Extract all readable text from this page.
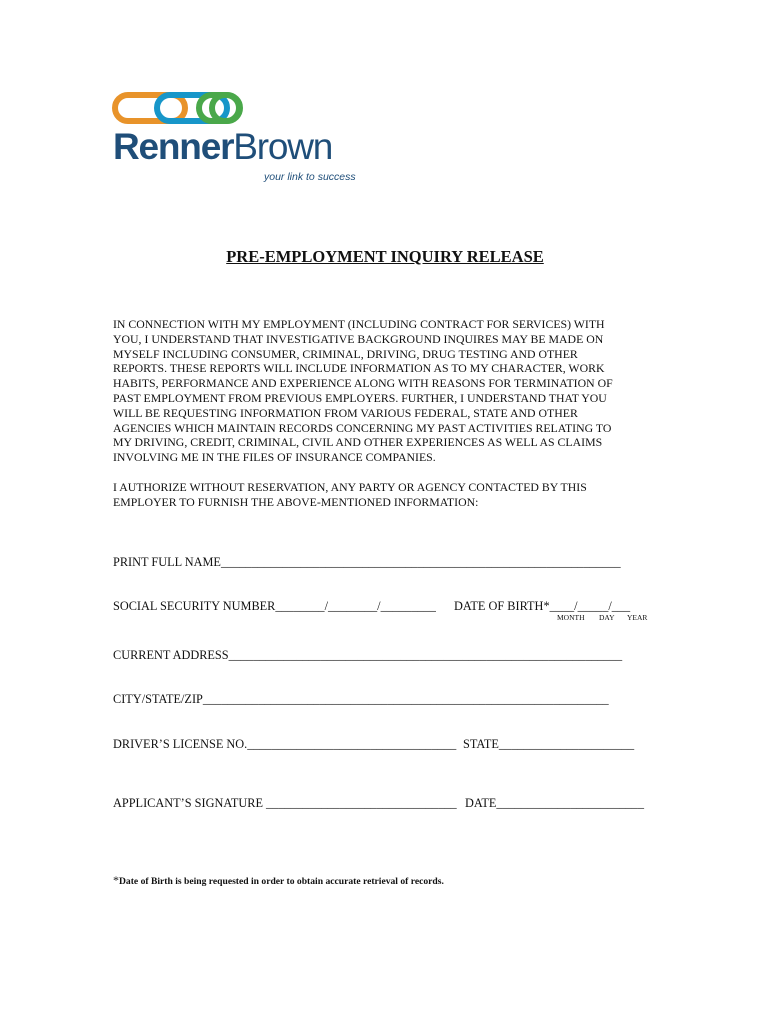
RennerBrown
your link to success
PRE-EMPLOYMENT INQUIRY RELEASE
IN CONNECTION WITH MY EMPLOYMENT (INCLUDING CONTRACT FOR SERVICES) WITH
YOU, I UNDERSTAND THAT INVESTIGATIVE BACKGROUND INQUIRES MAY BE MADE ON
MYSELF INCLUDING CONSUMER, CRIMINAL, DRIVING, DRUG TESTING AND OTHER
REPORTS. THESE REPORTS WILL INCLUDE INFORMATION AS TO MY CHARACTER, WORK
HABITS, PERFORMANCE AND EXPERIENCE ALONG WITH REASONS FOR TERMINATION OF
PAST EMPLOYMENT FROM PREVIOUS EMPLOYERS. FURTHER, I UNDERSTAND THAT YOU
WILL BE REQUESTING INFORMATION FROM VARIOUS FEDERAL, STATE AND OTHER
AGENCIES WHICH MAINTAIN RECORDS CONCERNING MY PAST ACTIVITIES RELATING TO
MY DRIVING, CREDIT, CRIMINAL, CIVIL AND OTHER EXPERIENCES AS WELL AS CLAIMS
INVOLVING ME IN THE FILES OF INSURANCE COMPANIES.
I AUTHORIZE WITHOUT RESERVATION, ANY PARTY OR AGENCY CONTACTED BY THIS
EMPLOYER TO FURNISH THE ABOVE-MENTIONED INFORMATION:
PRINT FULL NAME_________________________________________________________________
SOCIAL SECURITY NUMBER________/________/_________ DATE OF BIRTH*____/_____/___
MONTH DAY YEAR
CURRENT ADDRESS________________________________________________________________
CITY/STATE/ZIP__________________________________________________________________
DRIVER’S LICENSE NO.__________________________________ STATE______________________
APPLICANT’S SIGNATURE _______________________________ DATE________________________
*Date of Birth is being requested in order to obtain accurate retrieval of records.
